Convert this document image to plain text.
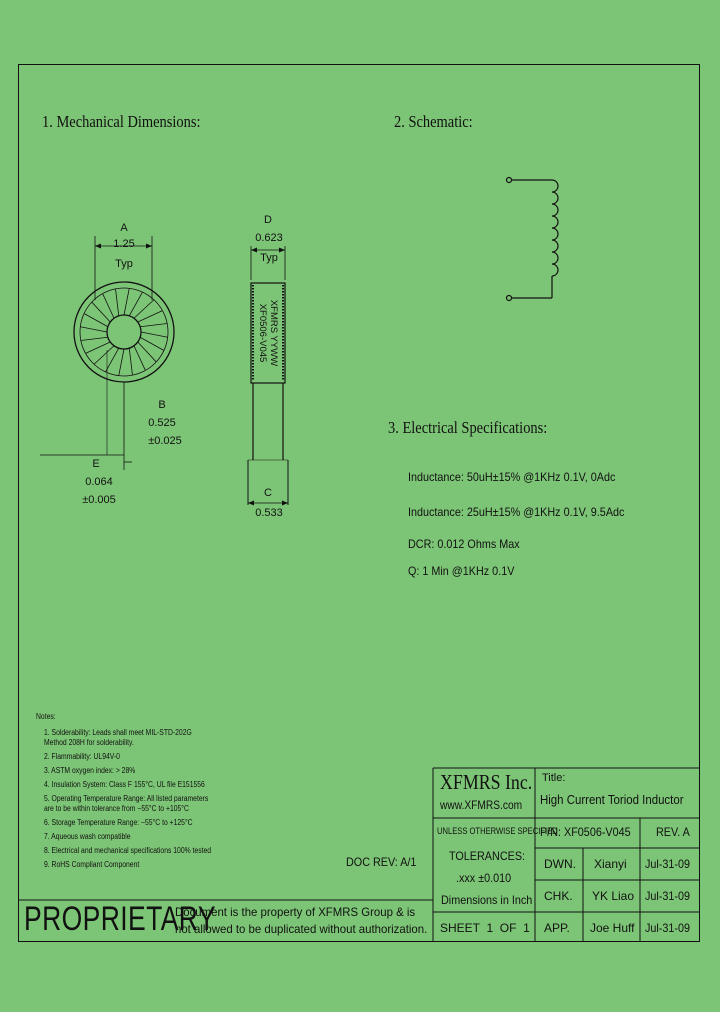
1. Mechanical Dimensions:	2. Schematic:
3. Electrical Specifications:
A
1.25
Typ
D
0.623
Typ
B
0.525
±0.025
E
0.064
±0.005
C
0.533
XFMRS YYWW
XF0506-V045
Inductance: 50uH±15% @1KHz 0.1V, 0Adc
Inductance: 25uH±15% @1KHz 0.1V, 9.5Adc
DCR: 0.012 Ohms Max
Q: 1 Min @1KHz 0.1V
Notes:
1. Solderability: Leads shall meet MIL-STD-202G
Method 208H for solderability.
2. Flammability: UL94V-0
3. ASTM oxygen index: > 28%
4. Insulation System: Class F 155°C, UL file E151556
5. Operating Temperature Range: All listed parameters
are to be within tolerance from −55°C to +105°C
6. Storage Temperature Range: −55°C to +125°C
7. Aqueous wash compatible
8. Electrical and mechanical specifications 100% tested
9. RoHS Compliant Component	DOC REV: A/1
XFMRS Inc.
www.XFMRS.com
Title:
High Current Toriod Inductor
UNLESS OTHERWISE SPECIFIED
TOLERANCES:
.xxx ±0.010
Dimensions in Inch
P/N: XF0506-V045 REV. A
DWN. Xianyi Jul-31-09
CHK. YK Liao Jul-31-09
APP. Joe Huff Jul-31-09
SHEET  1  OF  1
PROPRIETARY
Document is the property of XFMRS Group & is
not allowed to be duplicated without authorization.
